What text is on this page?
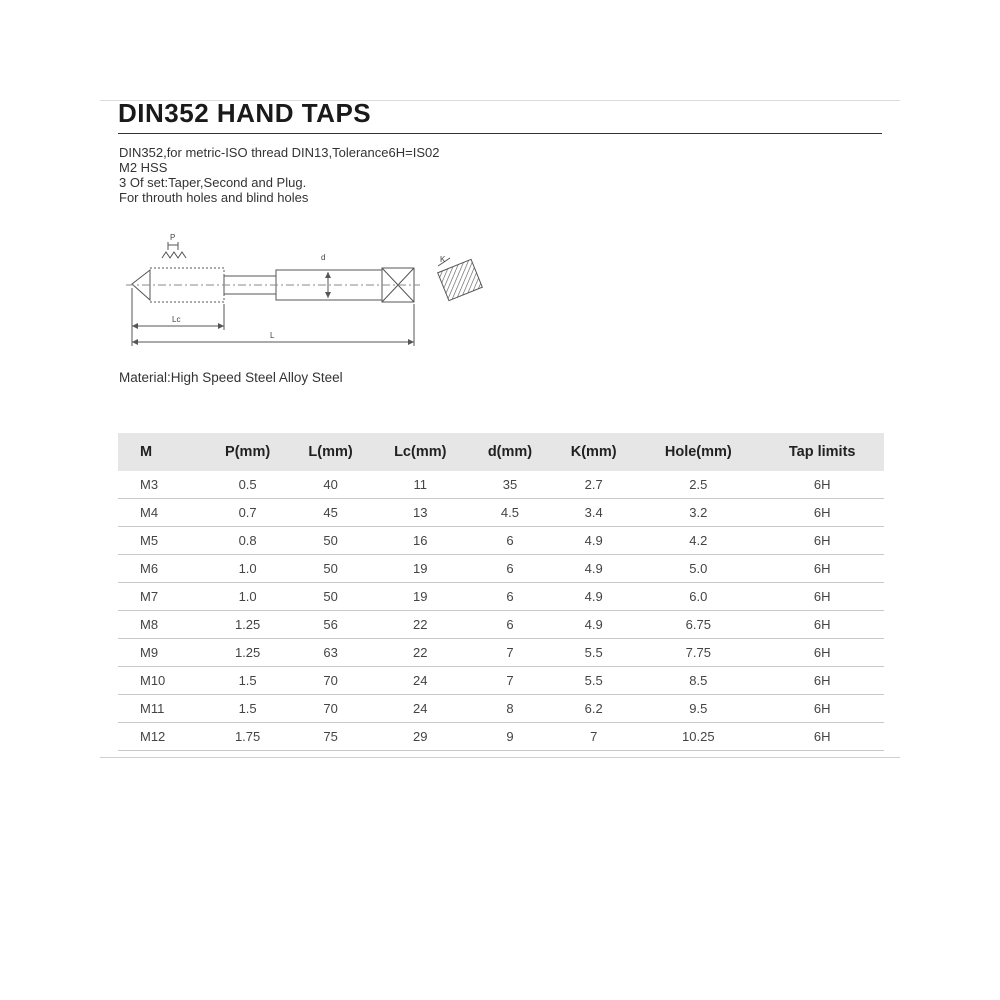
DIN352 HAND TAPS
DIN352,for metric-ISO thread DIN13,Tolerance6H=IS02
M2 HSS
3 Of set:Taper,Second and Plug.
For throuth holes and blind holes
P
Lc
L
d	K
Material:High Speed Steel Alloy Steel
M	P(mm)	L(mm)	Lc(mm)	d(mm)	K(mm)	Hole(mm)	Tap limits
M3	0.5	40	11	35	2.7	2.5	6H
M4	0.7	45	13	4.5	3.4	3.2	6H
M5	0.8	50	16	6	4.9	4.2	6H
M6	1.0	50	19	6	4.9	5.0	6H
M7	1.0	50	19	6	4.9	6.0	6H
M8	1.25	56	22	6	4.9	6.75	6H
M9	1.25	63	22	7	5.5	7.75	6H
M10	1.5	70	24	7	5.5	8.5	6H
M11	1.5	70	24	8	6.2	9.5	6H
M12	1.75	75	29	9	7	10.25	6H
